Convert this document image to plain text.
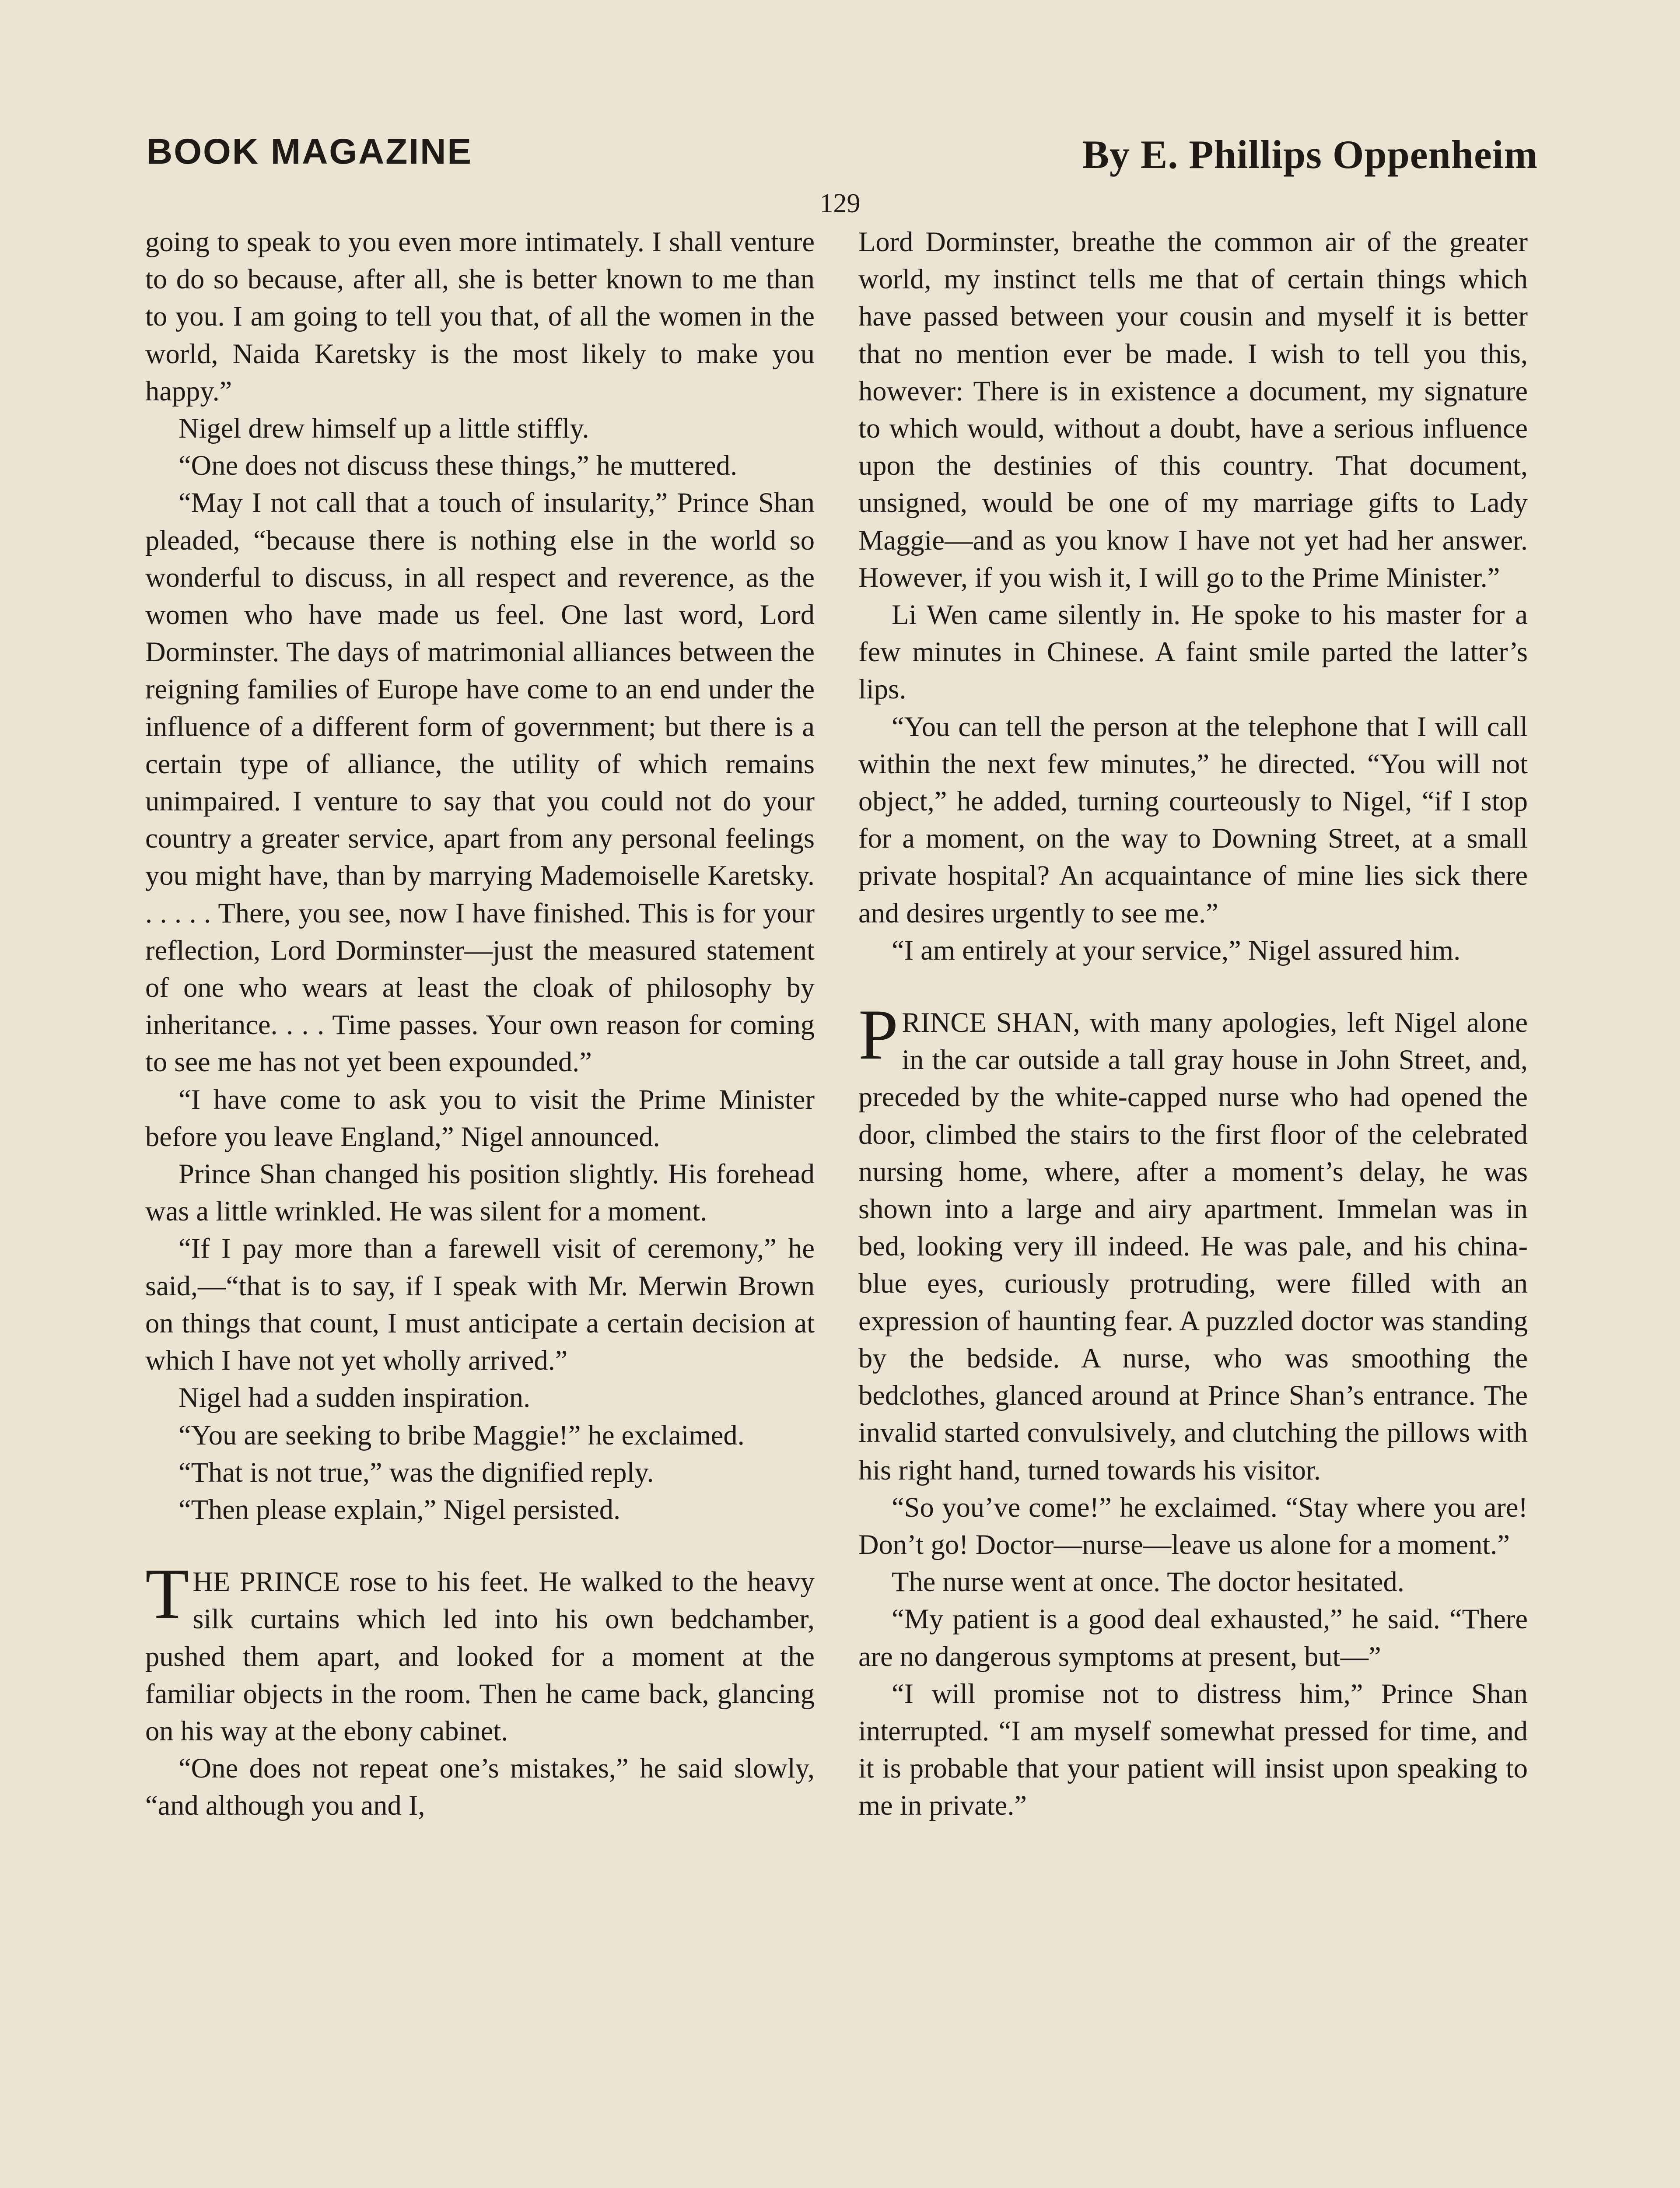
BOOK MAGAZINE	By E. Phillips Oppenheim
129

going to speak to you even more intimately. I shall venture to do so because, after all, she is better known to me than to you. I am going to tell you that, of all the women in the world, Naida Karetsky is the most likely to make you happy.”

Nigel drew himself up a little stiffly.

“One does not discuss these things,” he muttered.

“May I not call that a touch of insularity,” Prince Shan pleaded, “because there is nothing else in the world so wonderful to discuss, in all respect and reverence, as the women who have made us feel. One last word, Lord Dorminster. The days of matrimonial alliances between the reigning families of Europe have come to an end under the influence of a different form of government; but there is a certain type of alliance, the utility of which remains unimpaired. I venture to say that you could not do your country a greater service, apart from any personal feelings you might have, than by marrying Mademoiselle Karetsky. . . . . . There, you see, now I have finished. This is for your reflection, Lord Dorminster—just the measured statement of one who wears at least the cloak of philosophy by inheritance. . . . Time passes. Your own reason for coming to see me has not yet been expounded.”

“I have come to ask you to visit the Prime Minister before you leave England,” Nigel announced.

Prince Shan changed his position slightly. His forehead was a little wrinkled. He was silent for a moment.

“If I pay more than a farewell visit of ceremony,” he said,—“that is to say, if I speak with Mr. Merwin Brown on things that count, I must anticipate a certain decision at which I have not yet wholly arrived.”

Nigel had a sudden inspiration.

“You are seeking to bribe Maggie!” he exclaimed.

“That is not true,” was the dignified reply.

“Then please explain,” Nigel persisted.

THE PRINCE rose to his feet. He walked to the heavy silk curtains which led into his own bedchamber, pushed them apart, and looked for a moment at the familiar objects in the room. Then he came back, glancing on his way at the ebony cabinet.

“One does not repeat one’s mistakes,” he said slowly, “and although you and I,

Lord Dorminster, breathe the common air of the greater world, my instinct tells me that of certain things which have passed between your cousin and myself it is better that no mention ever be made. I wish to tell you this, however: There is in existence a document, my signature to which would, without a doubt, have a serious influence upon the destinies of this country. That document, unsigned, would be one of my marriage gifts to Lady Maggie—and as you know I have not yet had her answer. However, if you wish it, I will go to the Prime Minister.”

Li Wen came silently in. He spoke to his master for a few minutes in Chinese. A faint smile parted the latter’s lips.

“You can tell the person at the telephone that I will call within the next few minutes,” he directed. “You will not object,” he added, turning courteously to Nigel, “if I stop for a moment, on the way to Downing Street, at a small private hospital? An acquaintance of mine lies sick there and desires urgently to see me.”

“I am entirely at your service,” Nigel assured him.

PRINCE SHAN, with many apologies, left Nigel alone in the car outside a tall gray house in John Street, and, preceded by the white-capped nurse who had opened the door, climbed the stairs to the first floor of the celebrated nursing home, where, after a moment’s delay, he was shown into a large and airy apartment. Immelan was in bed, looking very ill indeed. He was pale, and his china-blue eyes, curiously protruding, were filled with an expression of haunting fear. A puzzled doctor was standing by the bedside. A nurse, who was smoothing the bedclothes, glanced around at Prince Shan’s entrance. The invalid started convulsively, and clutching the pillows with his right hand, turned towards his visitor.

“So you’ve come!” he exclaimed. “Stay where you are! Don’t go! Doctor—nurse—leave us alone for a moment.”

The nurse went at once. The doctor hesitated.

“My patient is a good deal exhausted,” he said. “There are no dangerous symptoms at present, but—”

“I will promise not to distress him,” Prince Shan interrupted. “I am myself somewhat pressed for time, and it is probable that your patient will insist upon speaking to me in private.”
